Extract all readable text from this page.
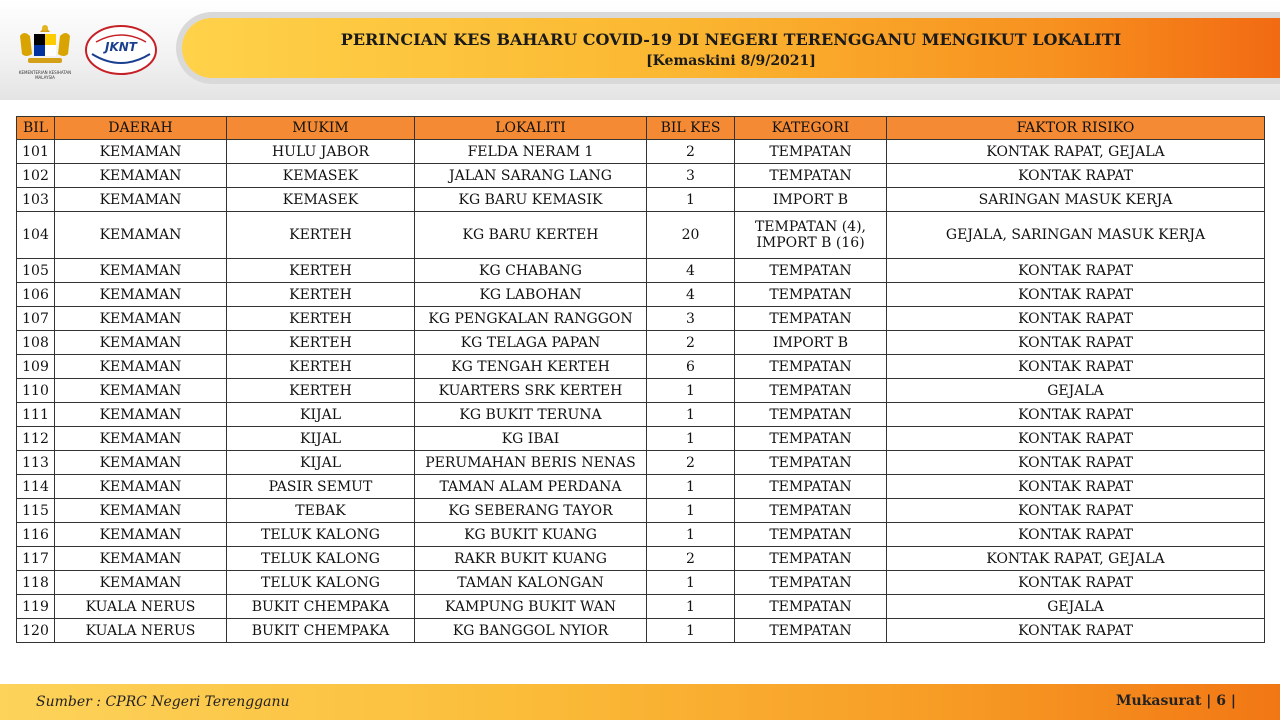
KEMENTERIAN KESIHATAN MALAYSIA
JKNT	PERINCIAN KES BAHARU COVID-19 DI NEGERI TERENGGANU MENGIKUT LOKALITI
[Kemaskini 8/9/2021]
BIL	DAERAH	MUKIM	LOKALITI	BIL KES	KATEGORI	FAKTOR RISIKO
101	KEMAMAN	HULU JABOR	FELDA NERAM 1	2	TEMPATAN	KONTAK RAPAT, GEJALA
102	KEMAMAN	KEMASEK	JALAN SARANG LANG	3	TEMPATAN	KONTAK RAPAT
103	KEMAMAN	KEMASEK	KG BARU KEMASIK	1	IMPORT B	SARINGAN MASUK KERJA
104	KEMAMAN	KERTEH	KG BARU KERTEH	20	TEMPATAN (4), IMPORT B (16)	GEJALA, SARINGAN MASUK KERJA
105	KEMAMAN	KERTEH	KG CHABANG	4	TEMPATAN	KONTAK RAPAT
106	KEMAMAN	KERTEH	KG LABOHAN	4	TEMPATAN	KONTAK RAPAT
107	KEMAMAN	KERTEH	KG PENGKALAN RANGGON	3	TEMPATAN	KONTAK RAPAT
108	KEMAMAN	KERTEH	KG TELAGA PAPAN	2	IMPORT B	KONTAK RAPAT
109	KEMAMAN	KERTEH	KG TENGAH KERTEH	6	TEMPATAN	KONTAK RAPAT
110	KEMAMAN	KERTEH	KUARTERS SRK KERTEH	1	TEMPATAN	GEJALA
111	KEMAMAN	KIJAL	KG BUKIT TERUNA	1	TEMPATAN	KONTAK RAPAT
112	KEMAMAN	KIJAL	KG IBAI	1	TEMPATAN	KONTAK RAPAT
113	KEMAMAN	KIJAL	PERUMAHAN BERIS NENAS	2	TEMPATAN	KONTAK RAPAT
114	KEMAMAN	PASIR SEMUT	TAMAN ALAM PERDANA	1	TEMPATAN	KONTAK RAPAT
115	KEMAMAN	TEBAK	KG SEBERANG TAYOR	1	TEMPATAN	KONTAK RAPAT
116	KEMAMAN	TELUK KALONG	KG BUKIT KUANG	1	TEMPATAN	KONTAK RAPAT
117	KEMAMAN	TELUK KALONG	RAKR BUKIT KUANG	2	TEMPATAN	KONTAK RAPAT, GEJALA
118	KEMAMAN	TELUK KALONG	TAMAN KALONGAN	1	TEMPATAN	KONTAK RAPAT
119	KUALA NERUS	BUKIT CHEMPAKA	KAMPUNG BUKIT WAN	1	TEMPATAN	GEJALA
120	KUALA NERUS	BUKIT CHEMPAKA	KG BANGGOL NYIOR	1	TEMPATAN	KONTAK RAPAT
Sumber : CPRC Negeri Terengganu	Mukasurat | 6 |
